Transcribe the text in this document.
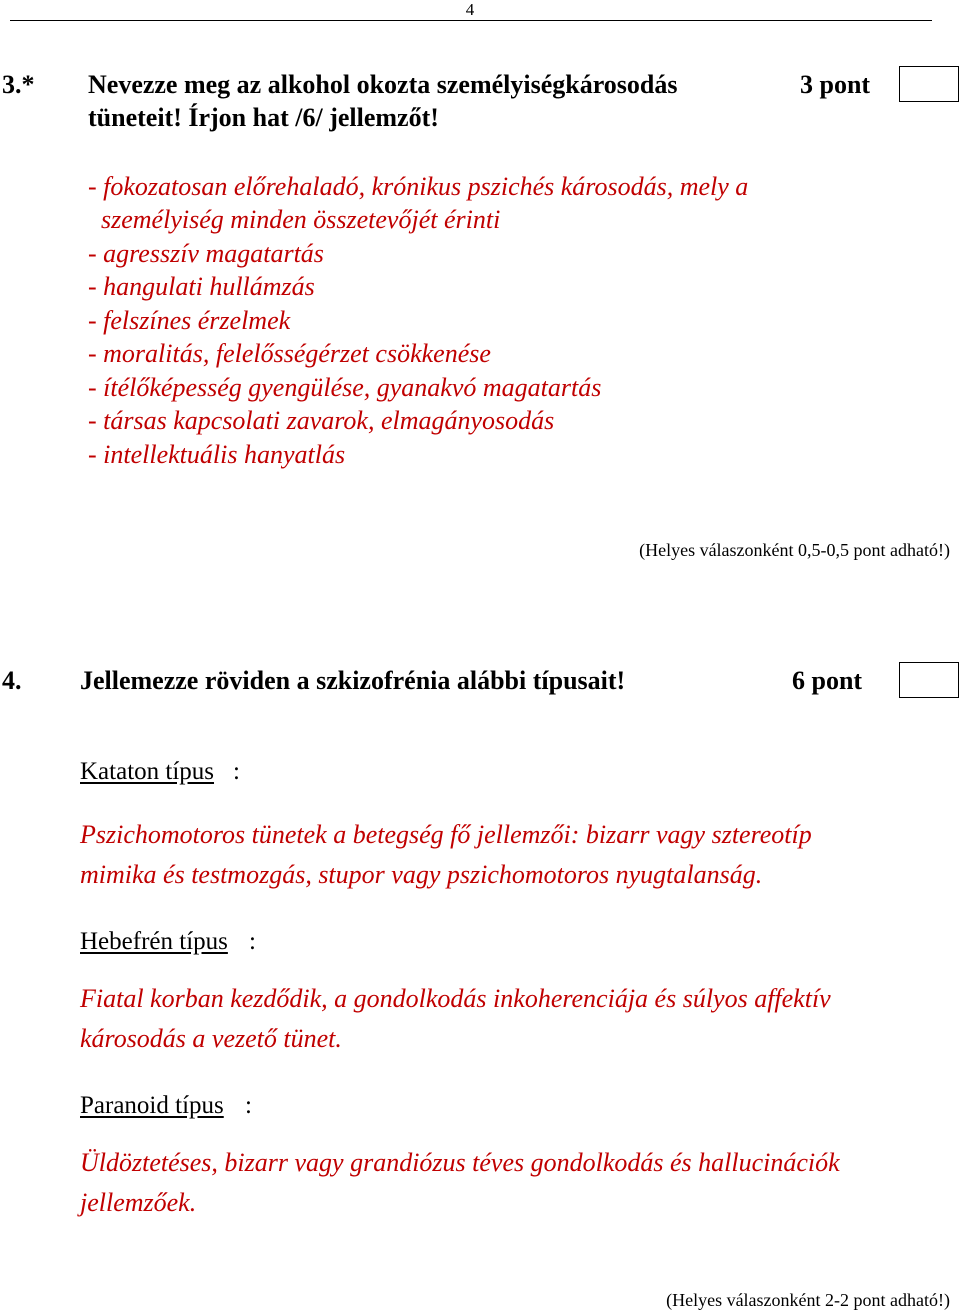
4
3.* Nevezze meg az alkohol okozta személyiségkárosodás
tüneteit! Írjon hat /6/ jellemzőt!
3 pont
- fokozatosan előrehaladó, krónikus pszichés károsodás, mely a
személyiség minden összetevőjét érinti
- agresszív magatartás
- hangulati hullámzás
- felszínes érzelmek
- moralitás, felelősségérzet csökkenése
- ítélőképesség gyengülése, gyanakvó magatartás
- társas kapcsolati zavarok, elmagányosodás
- intellektuális hanyatlás
(Helyes válaszonként 0,5-0,5 pont adható!)
4. Jellemezze röviden a szkizofrénia alábbi típusait!	6 pont
Kataton típus :
Pszichomotoros tünetek a betegség fő jellemzői: bizarr vagy sztereotíp
mimika és testmozgás, stupor vagy pszichomotoros nyugtalanság.
Hebefrén típus :
Fiatal korban kezdődik, a gondolkodás inkoherenciája és súlyos affektív
károsodás a vezető tünet.
Paranoid típus :
Üldöztetéses, bizarr vagy grandiózus téves gondolkodás és hallucinációk
jellemzőek.
(Helyes válaszonként 2-2 pont adható!)
